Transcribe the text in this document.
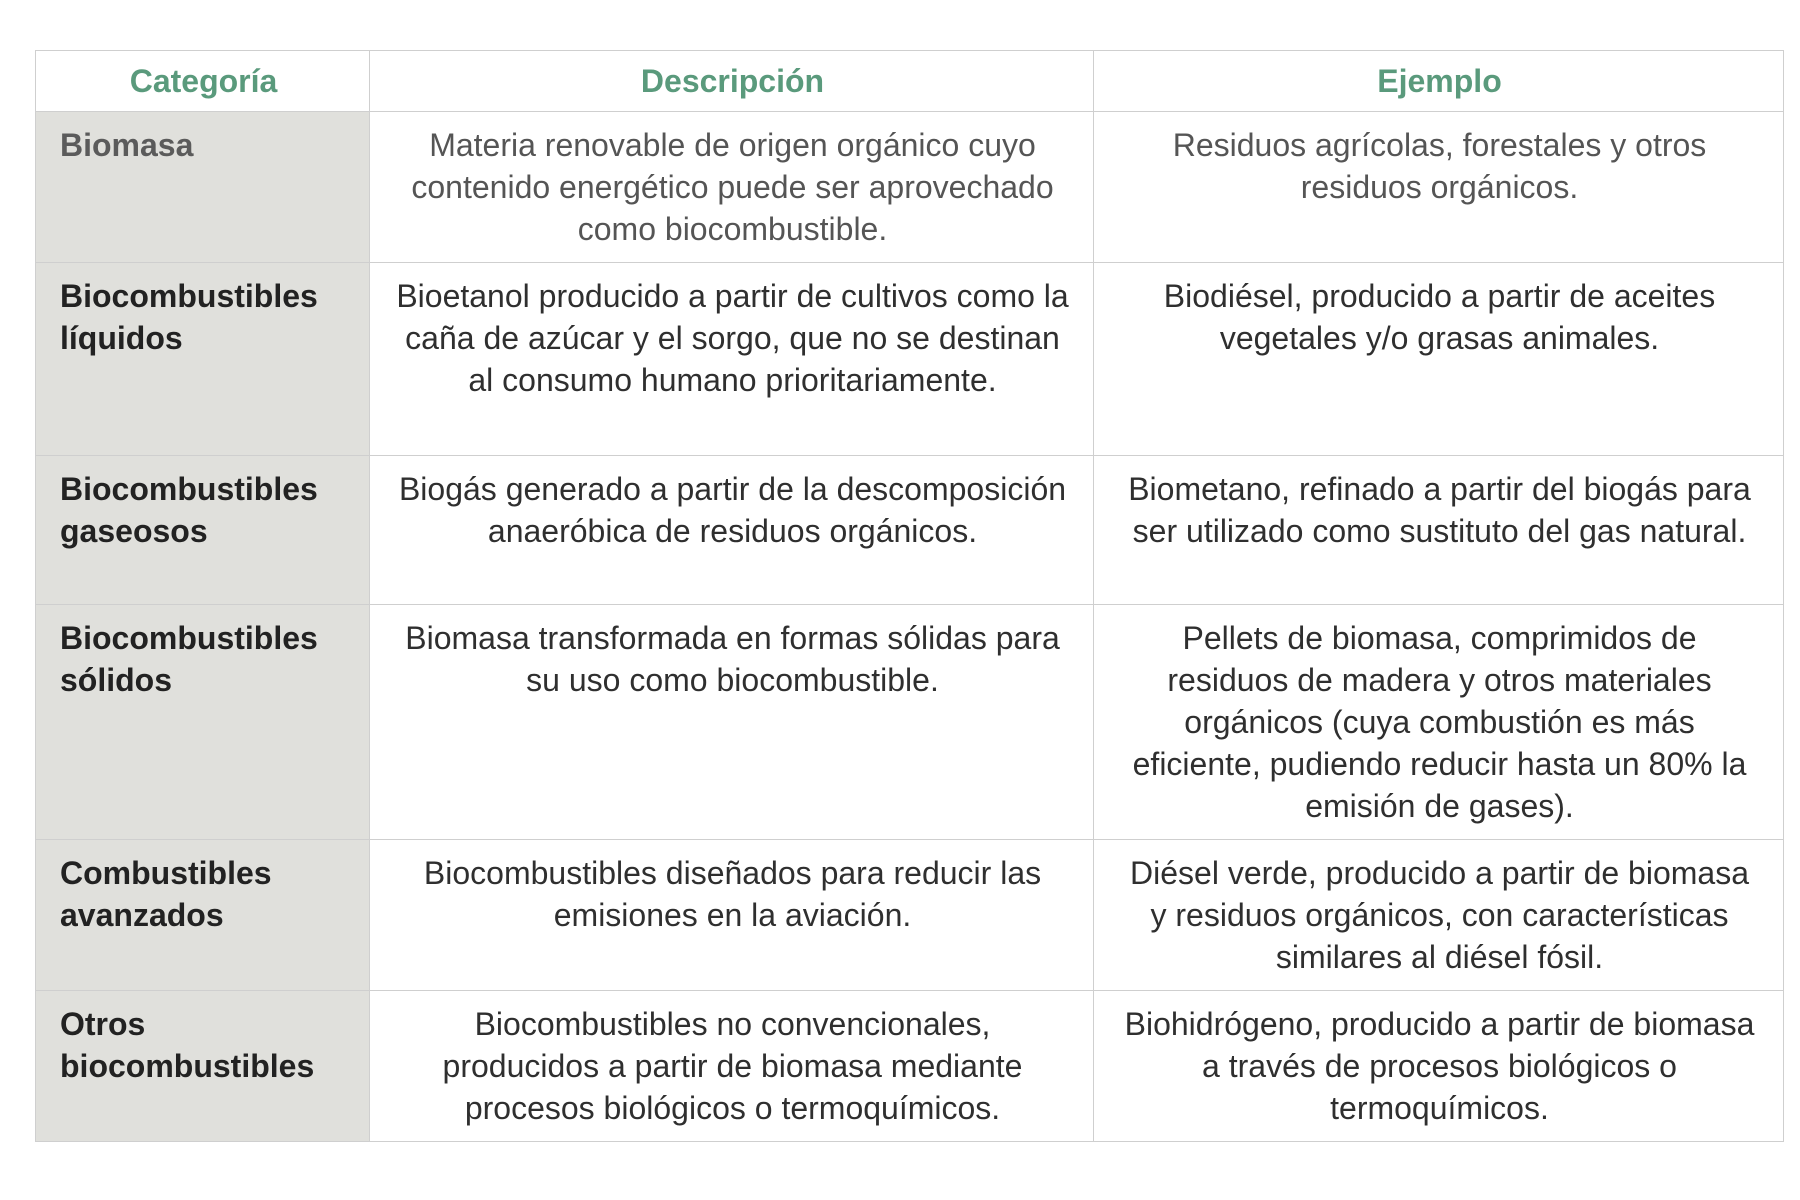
Categoría	Descripción	Ejemplo
Biomasa	Materia renovable de origen orgánico cuyo contenido energético puede ser aprovechado como biocombustible.	Residuos agrícolas, forestales y otros residuos orgánicos.
Biocombustibles líquidos	Bioetanol producido a partir de cultivos como la caña de azúcar y el sorgo, que no se destinan al consumo humano prioritariamente.	Biodiésel, producido a partir de aceites vegetales y/o grasas animales.
Biocombustibles gaseosos	Biogás generado a partir de la descomposición anaeróbica de residuos orgánicos.	Biometano, refinado a partir del biogás para ser utilizado como sustituto del gas natural.
Biocombustibles sólidos	Biomasa transformada en formas sólidas para su uso como biocombustible.	Pellets de biomasa, comprimidos de residuos de madera y otros materiales orgánicos (cuya combustión es más eficiente, pudiendo reducir hasta un 80% la emisión de gases).
Combustibles avanzados	Biocombustibles diseñados para reducir las emisiones en la aviación.	Diésel verde, producido a partir de biomasa y residuos orgánicos, con características similares al diésel fósil.
Otros biocombustibles	Biocombustibles no convencionales, producidos a partir de biomasa mediante procesos biológicos o termoquímicos.	Biohidrógeno, producido a partir de biomasa a través de procesos biológicos o termoquímicos.
